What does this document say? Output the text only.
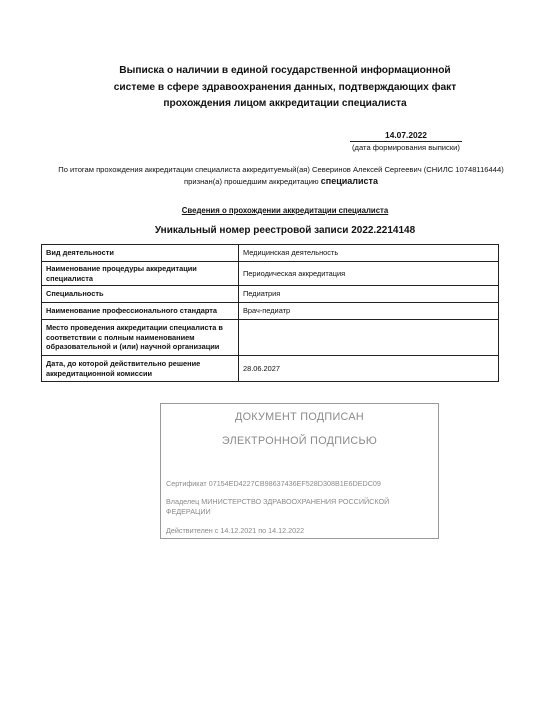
Выписка о наличии в единой государственной информационной
системе в сфере здравоохранения данных, подтверждающих факт
прохождения лицом аккредитации специалиста
14.07.2022
(дата формирования выписки)
По итогам прохождения аккредитации специалиста аккредитуемый(ая) Северинов Алексей Сергеевич (СНИЛС 10748116444)
признан(а) прошедшим аккредитацию специалиста
Сведения о прохождении аккредитации специалиста
Уникальный номер реестровой записи 2022.2214148
Вид деятельности	Медицинская деятельность
Наименование процедуры аккредитации специалиста	Периодическая аккредитация
Специальность	Педиатрия
Наименование профессионального стандарта	Врач-педиатр
Место проведения аккредитации специалиста в соответствии с полным наименованием образовательной и (или) научной организации	
Дата, до которой действительно решение аккредитационной комиссии	28.06.2027
ДОКУМЕНТ ПОДПИСАН
ЭЛЕКТРОННОЙ ПОДПИСЬЮ
Сертификат 07154ED4227CB98637436EF528D308B1E6DEDC09
Владелец МИНИСТЕРСТВО ЗДРАВООХРАНЕНИЯ РОССИЙСКОЙ ФЕДЕРАЦИИ
Действителен с 14.12.2021 по 14.12.2022
